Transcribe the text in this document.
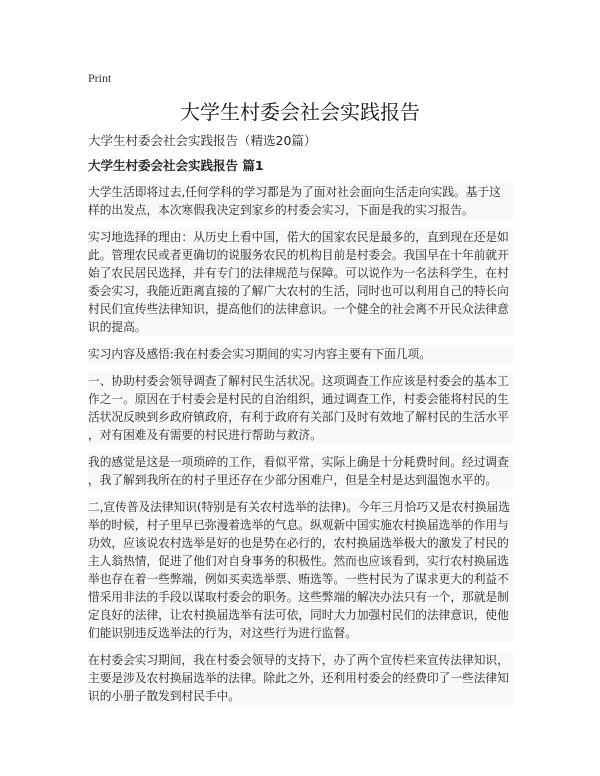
Print
大学生村委会社会实践报告
大学生村委会社会实践报告（精选20篇）
大学生村委会社会实践报告 篇1
大学生活即将过去,任何学科的学习都是为了面对社会面向生活走向实践。基于这
样的出发点，本次寒假我决定到家乡的村委会实习，下面是我的实习报告。
实习地选择的理由：从历史上看中国，偌大的国家农民是最多的，直到现在还是如
此。管理农民或者更确切的说服务农民的机构目前是村委会。我国早在十年前就开
始了农民居民选择，并有专门的法律规范与保障。可以说作为一名法科学生，在村
委会实习，我能近距离直接的了解广大农村的生活，同时也可以利用自己的特长向
村民们宣传些法律知识，提高他们的法律意识。一个健全的社会离不开民众法律意
识的提高。
实习内容及感悟:我在村委会实习期间的实习内容主要有下面几项。
一、协助村委会领导调查了解村民生活状况。这项调查工作应该是村委会的基本工
作之一。原因在于村委会是村民的自治组织，通过调查工作，村委会能将村民的生
活状况反映到乡政府镇政府，有利于政府有关部门及时有效地了解村民的生活水平
，对有困难及有需要的村民进行帮助与救济。
我的感觉是这是一项琐碎的工作，看似平常，实际上确是十分耗费时间。经过调查
，我了解到我所在的村子里还存在少部分困难户，但是全村是达到温饱水平的。
二,宣传普及法律知识(特别是有关农村选举的法律)。今年三月恰巧又是农村换届选
举的时候，村子里早已弥漫着选举的气息。纵观新中国实施农村换届选举的作用与
功效，应该说农村选举是好的也是势在必行的，农村换届选举极大的激发了村民的
主人翁热情，促进了他们对自身事务的积极性。然而也应该看到，实行农村换届选
举也存在着一些弊端，例如买卖选举票、贿选等。一些村民为了谋求更大的利益不
惜采用非法的手段以谋取村委会的职务。这些弊端的解决办法只有一个，那就是制
定良好的法律，让农村换届选举有法可依，同时大力加强村民们的法律意识，使他
们能识别违反选举法的行为，对这些行为进行监督。
在村委会实习期间，我在村委会领导的支持下，办了两个宣传栏来宣传法律知识，
主要是涉及农村换届选举的法律。除此之外，还利用村委会的经费印了一些法律知
识的小册子散发到村民手中。
